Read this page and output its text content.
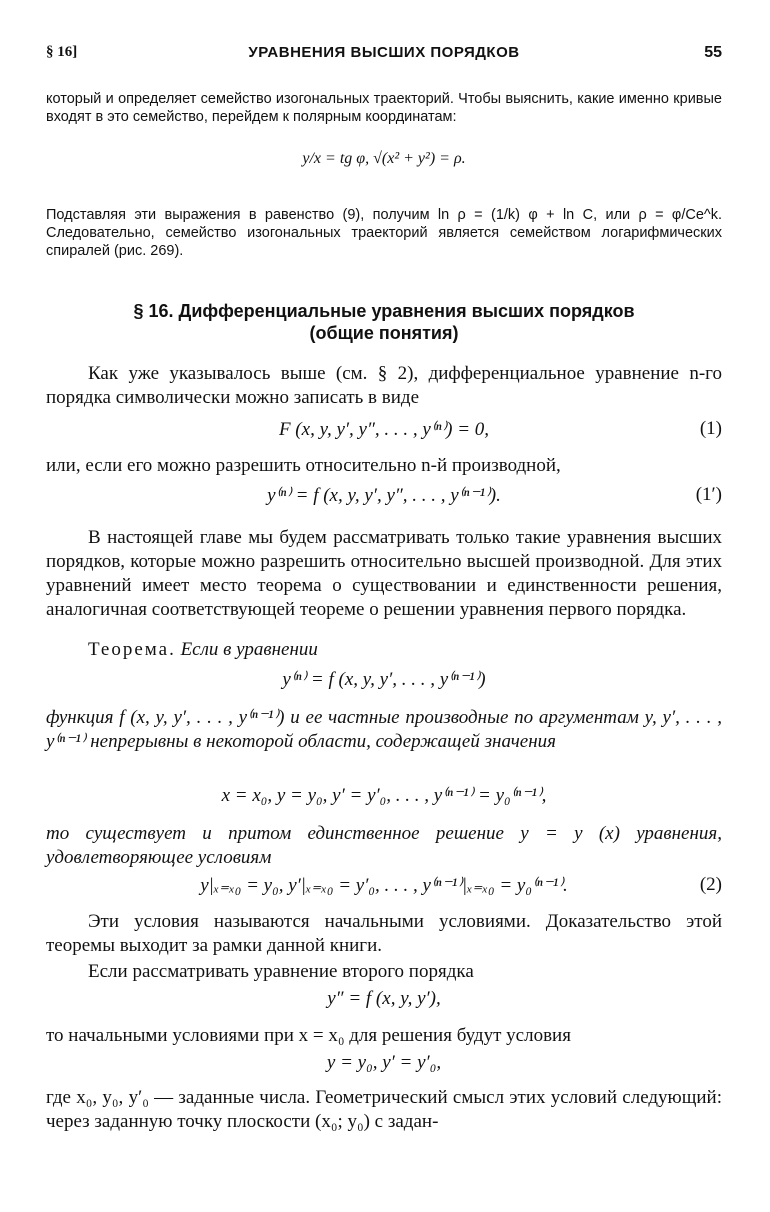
§ 16]	УРАВНЕНИЯ ВЫСШИХ ПОРЯДКОВ	55
который и определяет семейство изогональных траекторий. Чтобы выяснить, какие именно кривые входят в это семейство, перейдем к полярным координатам:
y/x = tg φ, √(x² + y²) = ρ.
Подставляя эти выражения в равенство (9), получим ln ρ = (1/k) φ + ln C, или ρ = φ/Ce^k. Следовательно, семейство изогональных траекторий является семейством логарифмических спиралей (рис. 269).
§ 16. Дифференциальные уравнения высших порядков
(общие понятия)
Как уже указывалось выше (см. § 2), дифференциальное уравнение n-го порядка символически можно записать в виде
F (x, y, y′, y″, . . . , y⁽ⁿ⁾) = 0,	(1)
или, если его можно разрешить относительно n-й производной,
y⁽ⁿ⁾ = f (x, y, y′, y″, . . . , y⁽ⁿ⁻¹⁾).	(1′)
В настоящей главе мы будем рассматривать только такие уравнения высших порядков, которые можно разрешить относительно высшей производной. Для этих уравнений имеет место теорема о существовании и единственности решения, аналогичная соответствующей теореме о решении уравнения первого порядка.
Теорема. Если в уравнении
y⁽ⁿ⁾ = f (x, y, y′, . . . , y⁽ⁿ⁻¹⁾)
функция f (x, y, y′, . . . , y⁽ⁿ⁻¹⁾) и ее частные производные по аргументам y, y′, . . . , y⁽ⁿ⁻¹⁾ непрерывны в некоторой области, содержащей значения
x = x₀, y = y₀, y′ = y′₀, . . . , y⁽ⁿ⁻¹⁾ = y₀⁽ⁿ⁻¹⁾,
то существует и притом единственное решение y = y (x) уравнения, удовлетворяющее условиям
y|ₓ₌ₓ₀ = y₀, y′|ₓ₌ₓ₀ = y′₀, . . . , y⁽ⁿ⁻¹⁾|ₓ₌ₓ₀ = y₀⁽ⁿ⁻¹⁾.	(2)
Эти условия называются начальными условиями. Доказательство этой теоремы выходит за рамки данной книги.
Если рассматривать уравнение второго порядка
y″ = f (x, y, y′),
то начальными условиями при x = x₀ для решения будут условия
y = y₀, y′ = y′₀,
где x₀, y₀, y′₀ — заданные числа. Геометрический смысл этих условий следующий: через заданную точку плоскости (x₀; y₀) с задан-
